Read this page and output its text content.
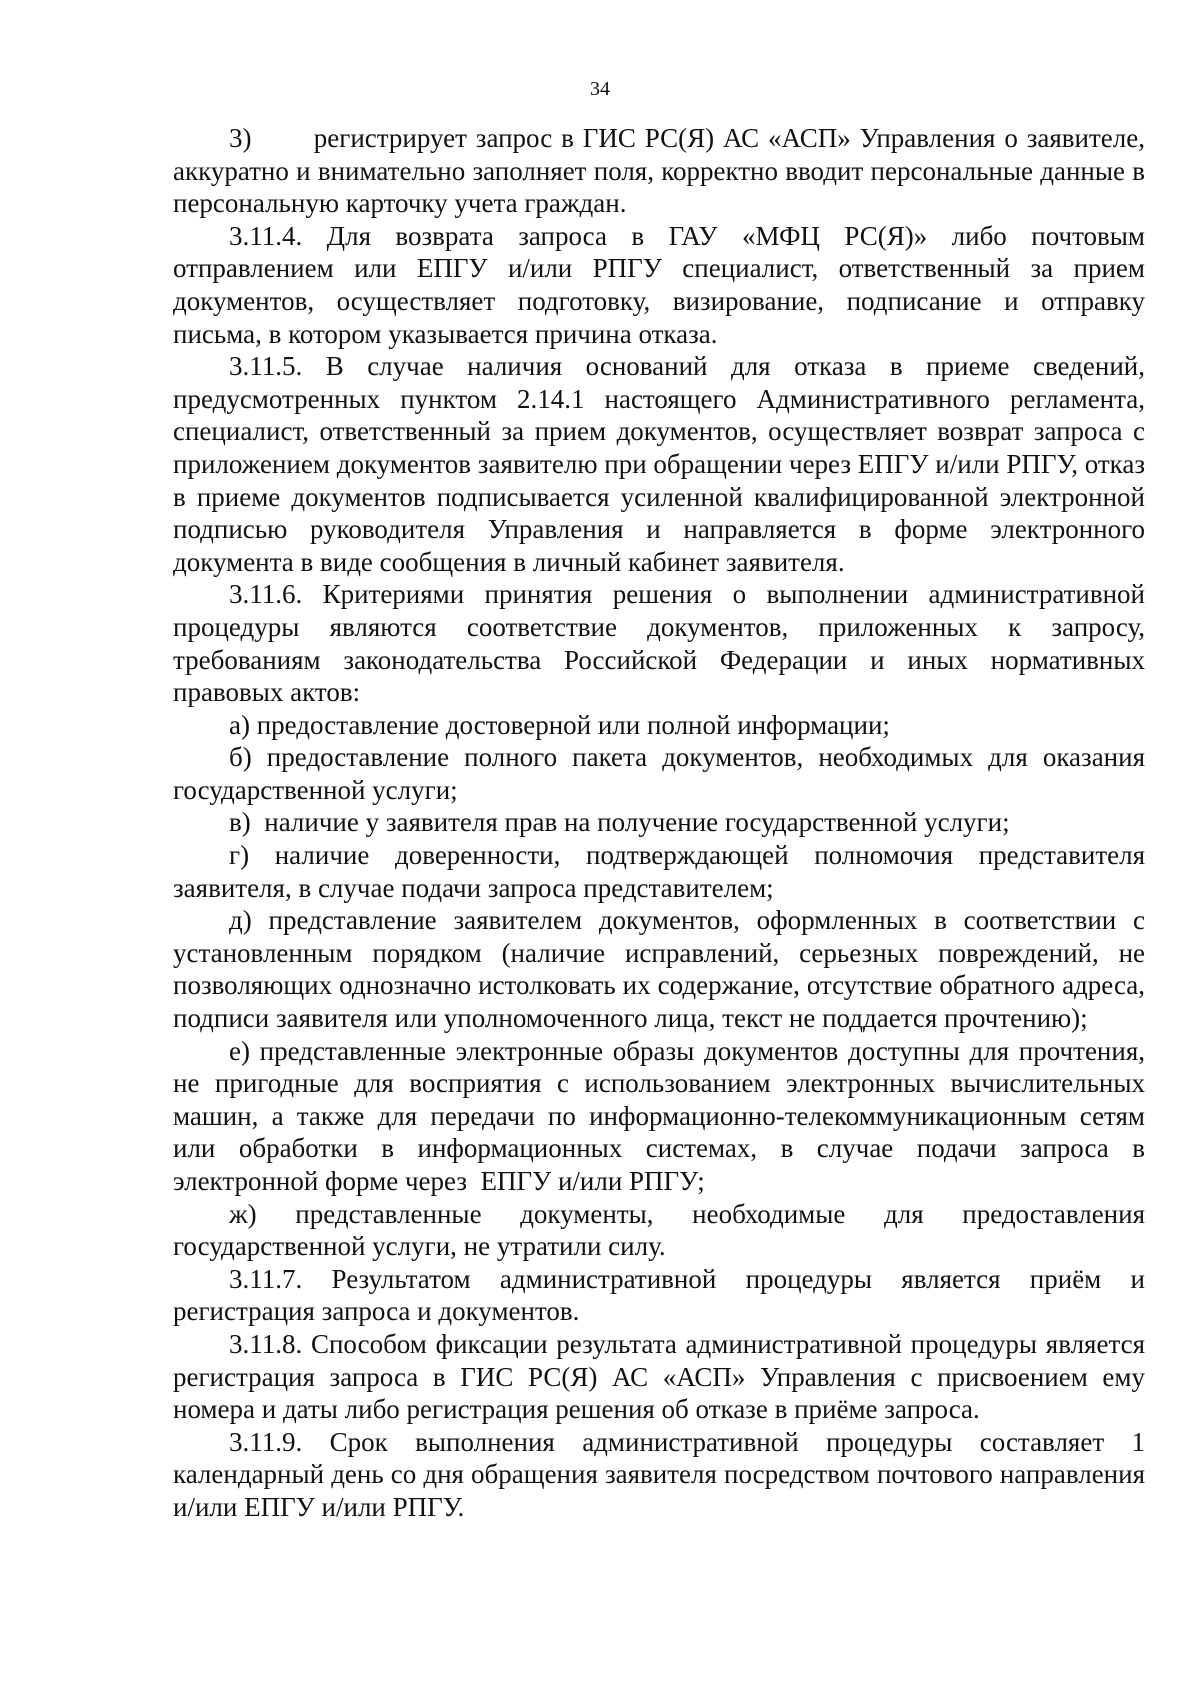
34

3)       регистрирует запрос в ГИС РС(Я) АС «АСП» Управления о заявителе, аккуратно и внимательно заполняет поля, корректно вводит персональные данные в персональную карточку учета граждан.

3.11.4. Для возврата запроса в ГАУ «МФЦ РС(Я)» либо почтовым отправлением или ЕПГУ и/или РПГУ специалист, ответственный за прием документов, осуществляет подготовку, визирование, подписание и отправку письма, в котором указывается причина отказа.

3.11.5. В случае наличия оснований для отказа в приеме сведений, предусмотренных пунктом 2.14.1 настоящего Административного регламента, специалист, ответственный за прием документов, осуществляет возврат запроса с приложением документов заявителю при обращении через ЕПГУ и/или РПГУ, отказ в приеме документов подписывается усиленной квалифицированной электронной подписью руководителя Управления и направляется в форме электронного документа в виде сообщения в личный кабинет заявителя.

3.11.6. Критериями принятия решения о выполнении административной процедуры являются соответствие документов, приложенных к запросу, требованиям законодательства Российской Федерации и иных нормативных правовых актов:

а) предоставление достоверной или полной информации;

б) предоставление полного пакета документов, необходимых для оказания государственной услуги;

в)  наличие у заявителя прав на получение государственной услуги;

г) наличие доверенности, подтверждающей полномочия представителя заявителя, в случае подачи запроса представителем;

д) представление заявителем документов, оформленных в соответствии с установленным порядком (наличие исправлений, серьезных повреждений, не позволяющих однозначно истолковать их содержание, отсутствие обратного адреса, подписи заявителя или уполномоченного лица, текст не поддается прочтению);

е) представленные электронные образы документов доступны для прочтения, не пригодные для восприятия с использованием электронных вычислительных машин, а также для передачи по информационно-телекоммуникационным сетям или обработки в информационных системах, в случае подачи запроса в электронной форме через  ЕПГУ и/или РПГУ;

ж) представленные документы, необходимые для предоставления государственной услуги, не утратили силу.

3.11.7. Результатом административной процедуры является приём и регистрация запроса и документов.

3.11.8. Способом фиксации результата административной процедуры является регистрация запроса в ГИС РС(Я) АС «АСП» Управления с присвоением ему номера и даты либо регистрация решения об отказе в приёме запроса.

3.11.9. Срок выполнения административной процедуры составляет 1 календарный день со дня обращения заявителя посредством почтового направления и/или ЕПГУ и/или РПГУ.
